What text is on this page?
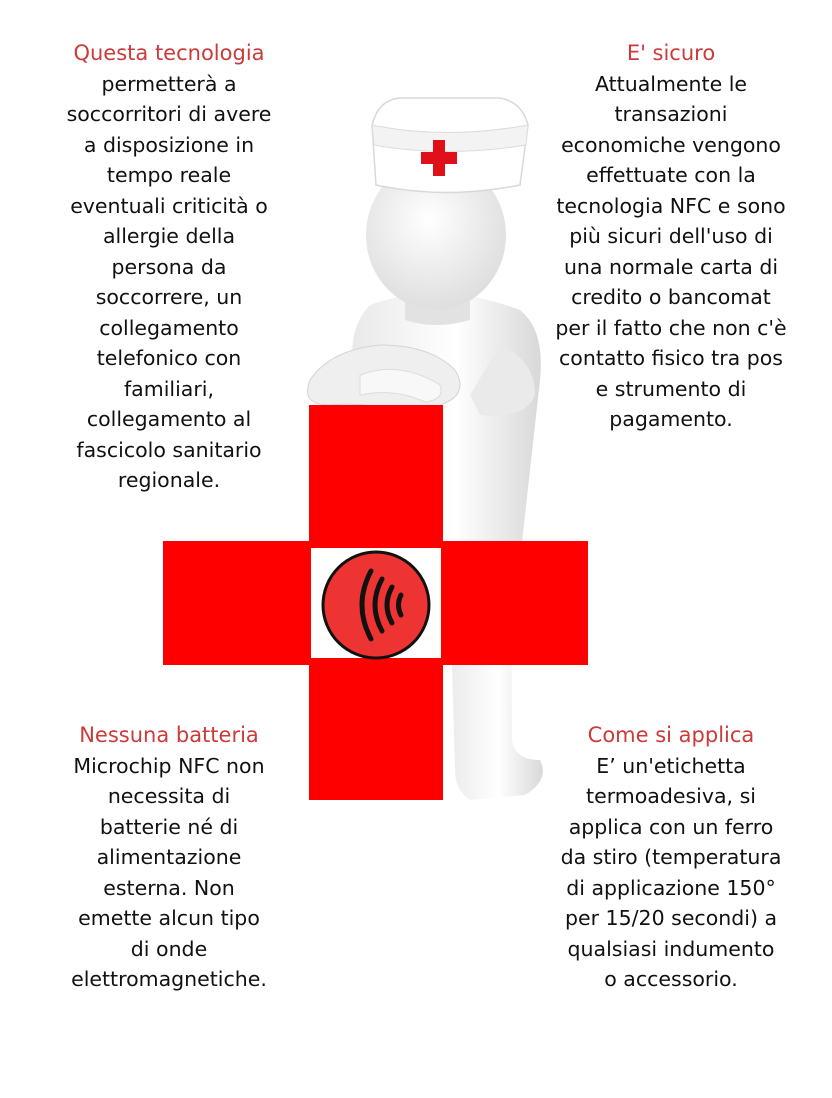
Questa tecnologia
permetterà a
soccorritori di avere
a disposizione in
tempo reale
eventuali criticità o
allergie della
persona da
soccorrere, un
collegamento
telefonico con
familiari,
collegamento al
fascicolo sanitario
regionale.
E' sicuro
Attualmente le
transazioni
economiche vengono
effettuate con la
tecnologia NFC e sono
più sicuri dell'uso di
una normale carta di
credito o bancomat
per il fatto che non c'è
contatto fisico tra pos
e strumento di
pagamento.
Nessuna batteria
Microchip NFC non
necessita di
batterie né di
alimentazione
esterna. Non
emette alcun tipo
di onde
elettromagnetiche.
Come si applica
E’ un'etichetta
termoadesiva, si
applica con un ferro
da stiro (temperatura
di applicazione 150°
per 15/20 secondi) a
qualsiasi indumento
o accessorio.
